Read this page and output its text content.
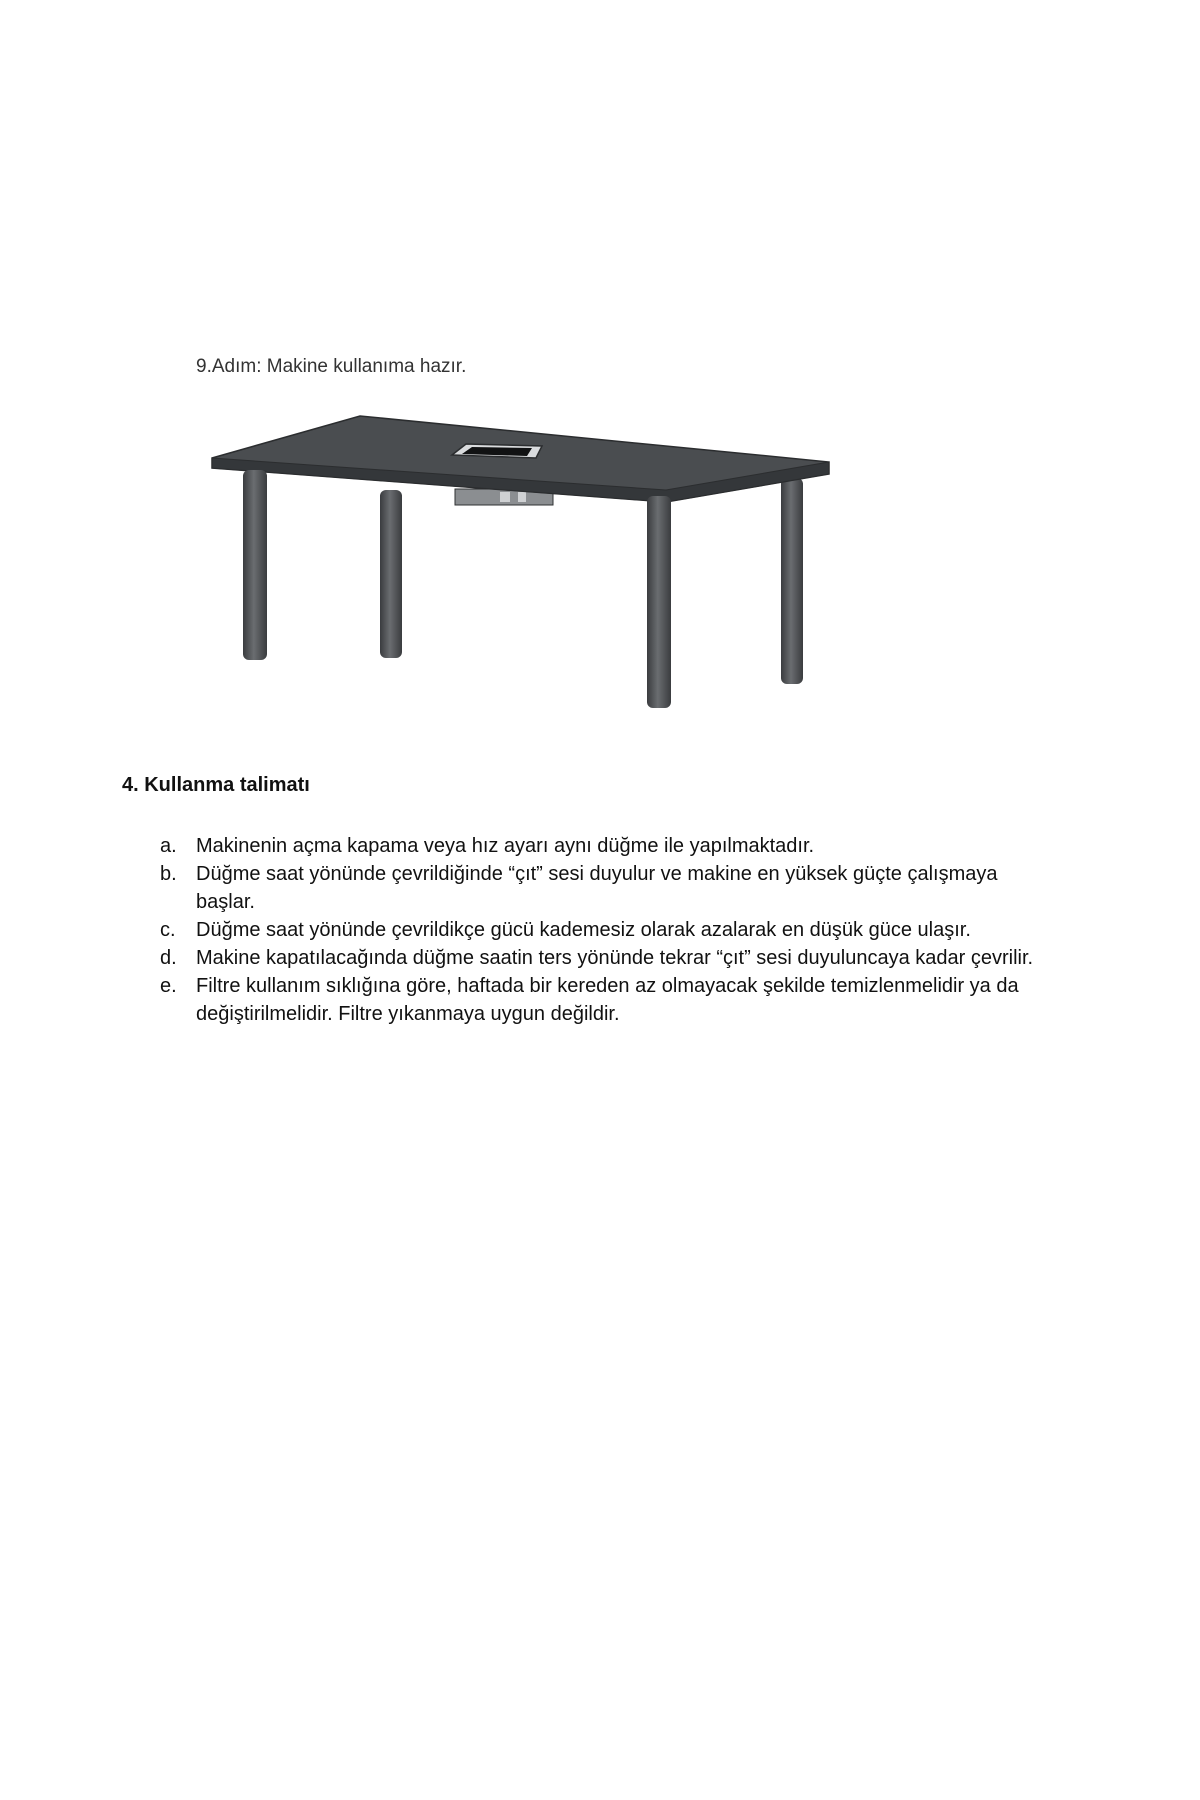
9.Adım: Makine kullanıma hazır.

4. Kullanma talimatı
a. Makinenin açma kapama veya hız ayarı aynı düğme ile yapılmaktadır.
b. Düğme saat yönünde çevrildiğinde “çıt” sesi duyulur ve makine en yüksek güçte çalışmaya başlar.
c.	Düğme saat yönünde çevrildikçe gücü kademesiz olarak azalarak en düşük güce ulaşır.
d. Makine kapatılacağında düğme saatin ters yönünde tekrar “çıt” sesi duyuluncaya kadar çevrilir.
e. Filtre kullanım sıklığına göre, haftada bir kereden az olmayacak şekilde temizlenmelidir ya da değiştirilmelidir. Filtre yıkanmaya uygun değildir.
